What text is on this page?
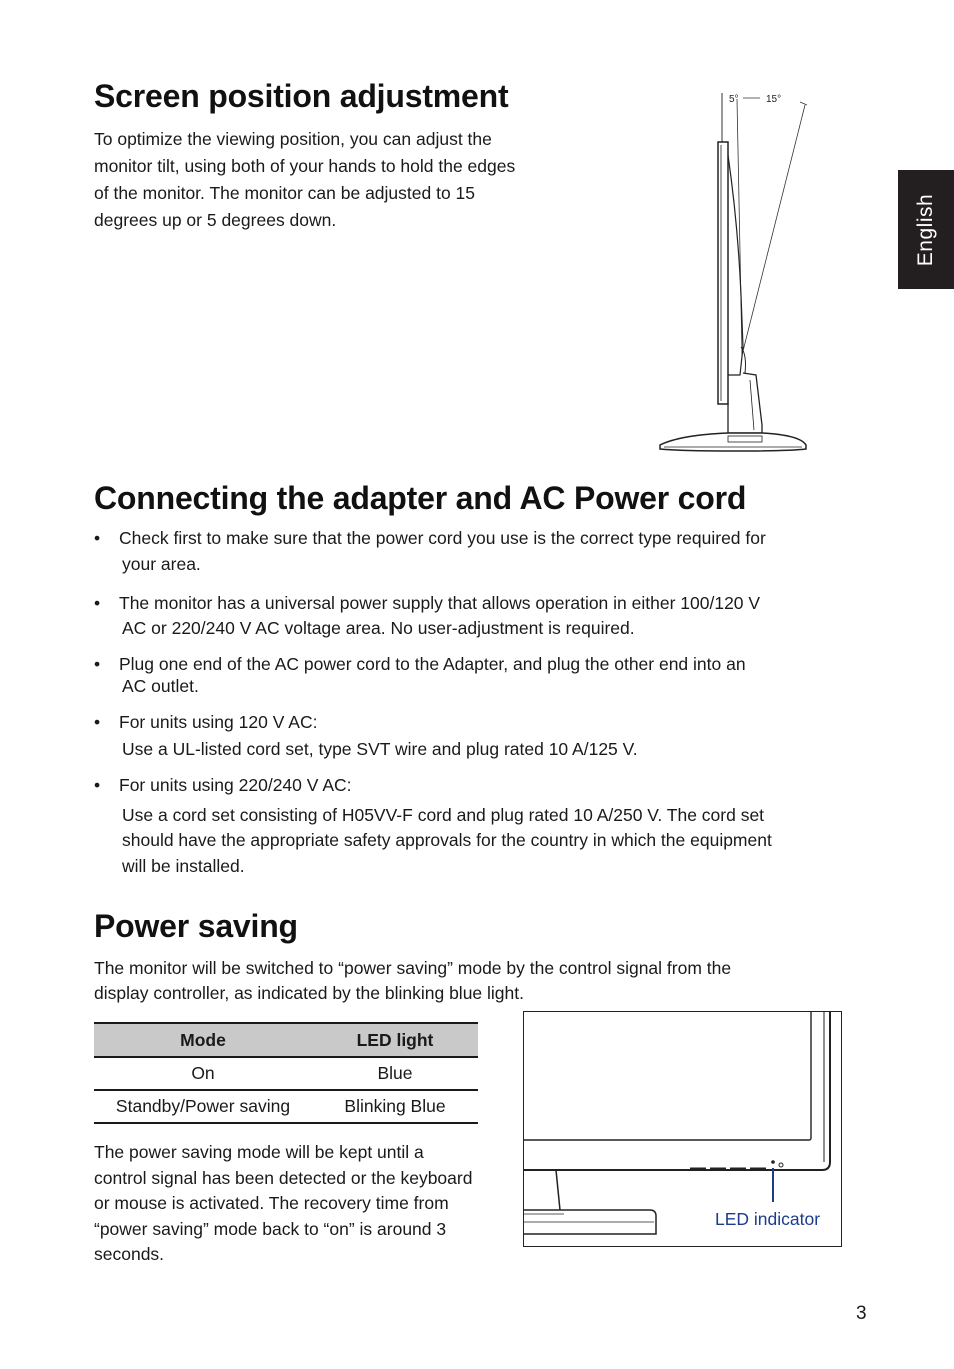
English
Screen position adjustment

To optimize the viewing position, you can adjust the

monitor tilt, using both of your hands to hold the edges

of the monitor. The monitor can be adjusted to 15

degrees up or 5 degrees down.

5°	15°
Connecting the adapter and AC Power cord
• Check first to make sure that the power cord you use is the correct type required for
your area.
• The monitor has a universal power supply that allows operation in either 100/120 V
AC or 220/240 V AC voltage area. No user-adjustment is required.
• Plug one end of the AC power cord to the Adapter, and plug the other end into an
AC outlet.
• For units using 120 V AC:
Use a UL-listed cord set, type SVT wire and plug rated 10 A/125 V.
• For units using 220/240 V AC:
Use a cord set consisting of H05VV-F cord and plug rated 10 A/250 V. The cord set
should have the appropriate safety approvals for the country in which the equipment
will be installed.
Power saving

The monitor will be switched to “power saving” mode by the control signal from the

display controller, as indicated by the blinking blue light.

Mode	LED light
On	Blue
Standby/Power saving	Blinking Blue

The power saving mode will be kept until a

control signal has been detected or the keyboard

or mouse is activated. The recovery time from

“power saving” mode back to “on” is around 3

seconds.

LED indicator
3
